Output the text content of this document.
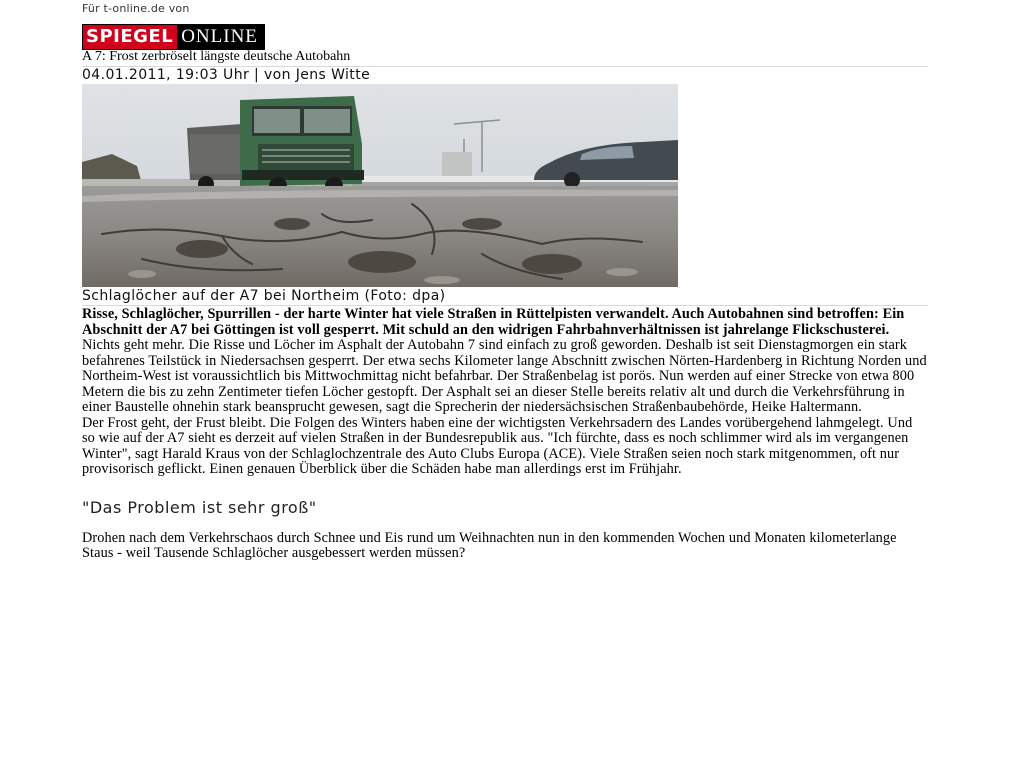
Für t-online.de von
SPIEGEL ONLINE
A 7: Frost zerbröselt längste deutsche Autobahn
04.01.2011, 19:03 Uhr | von Jens Witte
Schlaglöcher auf der A7 bei Northeim (Foto: dpa)

Risse, Schlaglöcher, Spurrillen - der harte Winter hat viele Straßen in Rüttelpisten verwandelt. Auch Autobahnen sind betroffen: Ein Abschnitt der A7 bei Göttingen ist voll gesperrt. Mit schuld an den widrigen Fahrbahnverhältnissen ist jahrelange Flickschusterei.

Nichts geht mehr. Die Risse und Löcher im Asphalt der Autobahn 7 sind einfach zu groß geworden. Deshalb ist seit Dienstagmorgen ein stark befahrenes Teilstück in Niedersachsen gesperrt. Der etwa sechs Kilometer lange Abschnitt zwischen Nörten-Hardenberg in Richtung Norden und Northeim-West ist voraussichtlich bis Mittwochmittag nicht befahrbar. Der Straßenbelag ist porös. Nun werden auf einer Strecke von etwa 800 Metern die bis zu zehn Zentimeter tiefen Löcher gestopft. Der Asphalt sei an dieser Stelle bereits relativ alt und durch die Verkehrsführung in einer Baustelle ohnehin stark beansprucht gewesen, sagt die Sprecherin der niedersächsischen Straßenbaubehörde, Heike Haltermann.

Der Frost geht, der Frust bleibt. Die Folgen des Winters haben eine der wichtigsten Verkehrsadern des Landes vorübergehend lahmgelegt. Und so wie auf der A7 sieht es derzeit auf vielen Straßen in der Bundesrepublik aus. "Ich fürchte, dass es noch schlimmer wird als im vergangenen Winter", sagt Harald Kraus von der Schlaglochzentrale des Auto Clubs Europa (ACE). Viele Straßen seien noch stark mitgenommen, oft nur provisorisch geflickt. Einen genauen Überblick über die Schäden habe man allerdings erst im Frühjahr.

"Das Problem ist sehr groß"

Drohen nach dem Verkehrschaos durch Schnee und Eis rund um Weihnachten nun in den kommenden Wochen und Monaten kilometerlange Staus - weil Tausende Schlaglöcher ausgebessert werden müssen?
